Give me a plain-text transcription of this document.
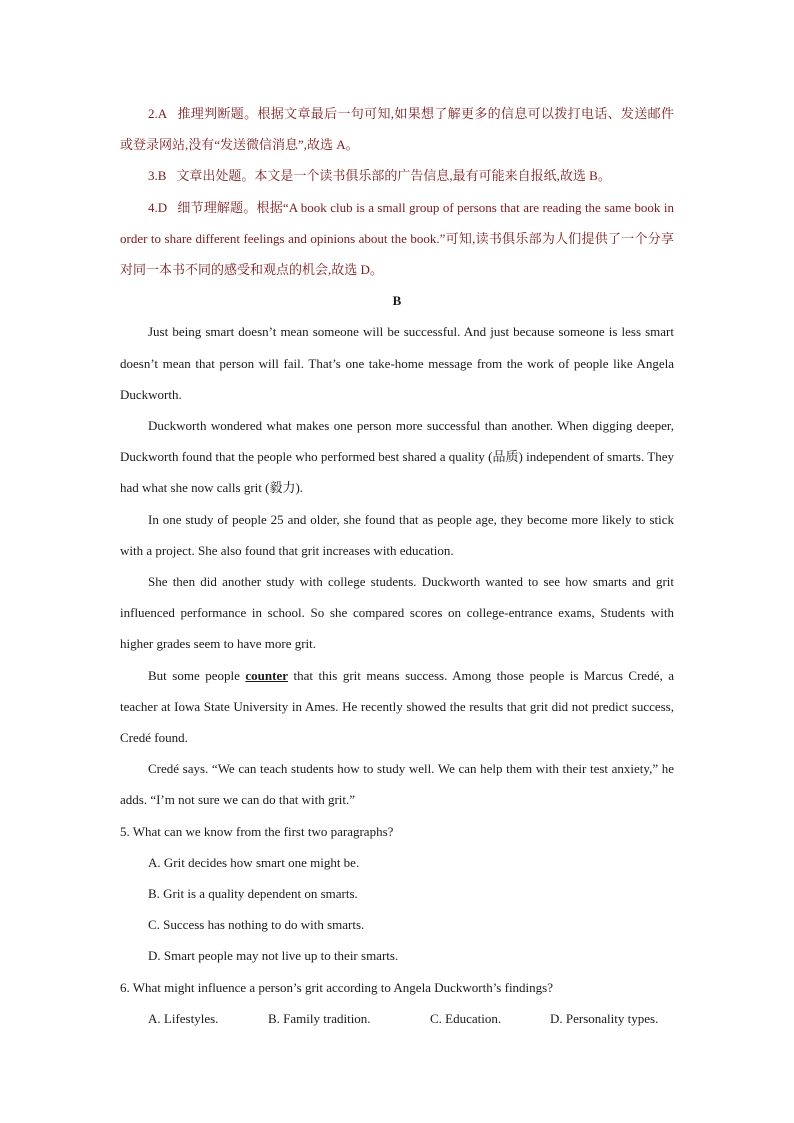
2.A 推理判断题。根据文章最后一句可知,如果想了解更多的信息可以拨打电话、发送邮件或登录网站,没有“发送微信消息”,故选 A。

3.B 文章出处题。本文是一个读书俱乐部的广告信息,最有可能来自报纸,故选 B。

4.D 细节理解题。根据“A book club is a small group of persons that are reading the same book in order to share different feelings and opinions about the book.”可知,读书俱乐部为人们提供了一个分享对同一本书不同的感受和观点的机会,故选 D。

B

Just being smart doesn’t mean someone will be successful. And just because someone is less smart doesn’t mean that person will fail. That’s one take-home message from the work of people like Angela Duckworth.

Duckworth wondered what makes one person more successful than another. When digging deeper, Duckworth found that the people who performed best shared a quality (品质) independent of smarts. They had what she now calls grit (毅力).

In one study of people 25 and older, she found that as people age, they become more likely to stick with a project. She also found that grit increases with education.

She then did another study with college students. Duckworth wanted to see how smarts and grit influenced performance in school. So she compared scores on college-entrance exams, Students with higher grades seem to have more grit.

But some people counter that this grit means success. Among those people is Marcus Credé, a teacher at Iowa State University in Ames. He recently showed the results that grit did not predict success, Credé found.

Credé says. “We can teach students how to study well. We can help them with their test anxiety,” he adds. “I’m not sure we can do that with grit.”

5. What can we know from the first two paragraphs?

A. Grit decides how smart one might be.

B. Grit is a quality dependent on smarts.

C. Success has nothing to do with smarts.

D. Smart people may not live up to their smarts.

6. What might influence a person’s grit according to Angela Duckworth’s findings?

A. Lifestyles.	B. Family tradition.	C. Education.	D. Personality types.
